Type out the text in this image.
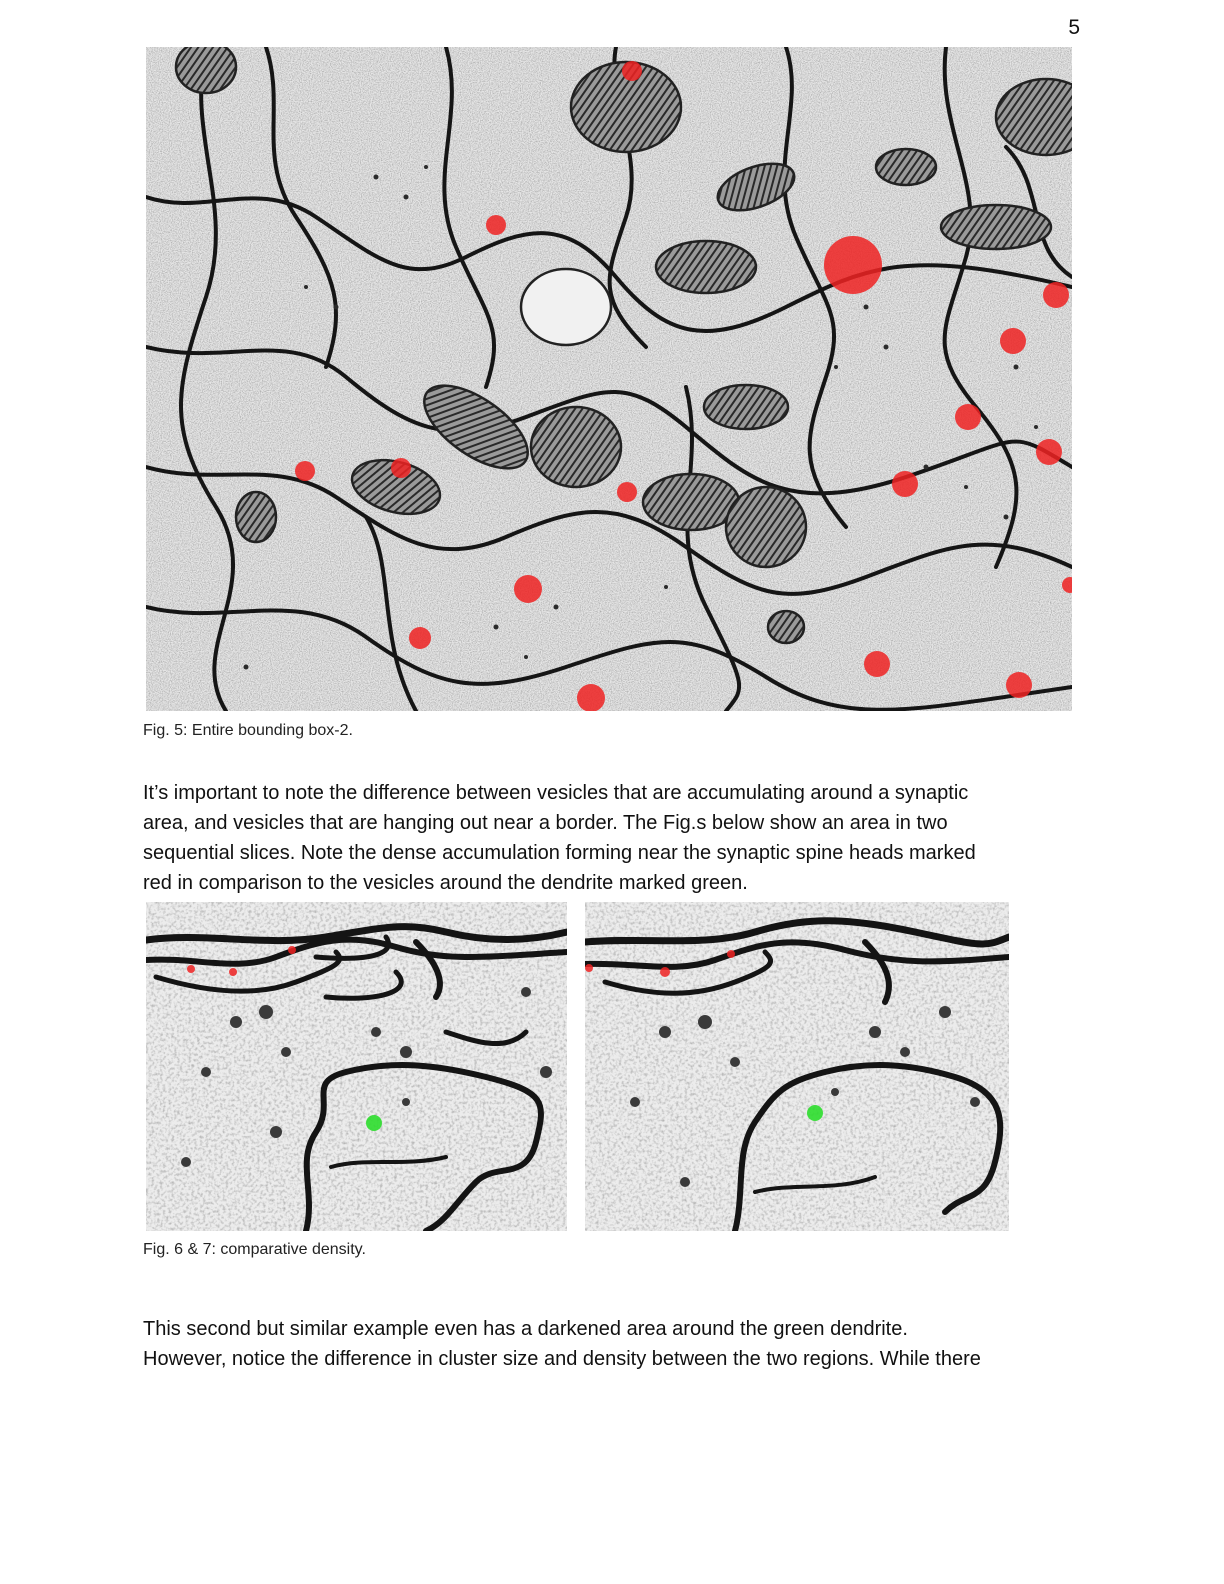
5
Fig. 5: Entire bounding box-2.
It’s important to note the difference between vesicles that are accumulating around a synaptic
area, and vesicles that are hanging out near a border. The Fig.s below show an area in two
sequential slices. Note the dense accumulation forming near the synaptic spine heads marked
red in comparison to the vesicles around the dendrite marked green.
Fig. 6 & 7: comparative density.
This second but similar example even has a darkened area around the green dendrite.
However, notice the difference in cluster size and density between the two regions. While there
